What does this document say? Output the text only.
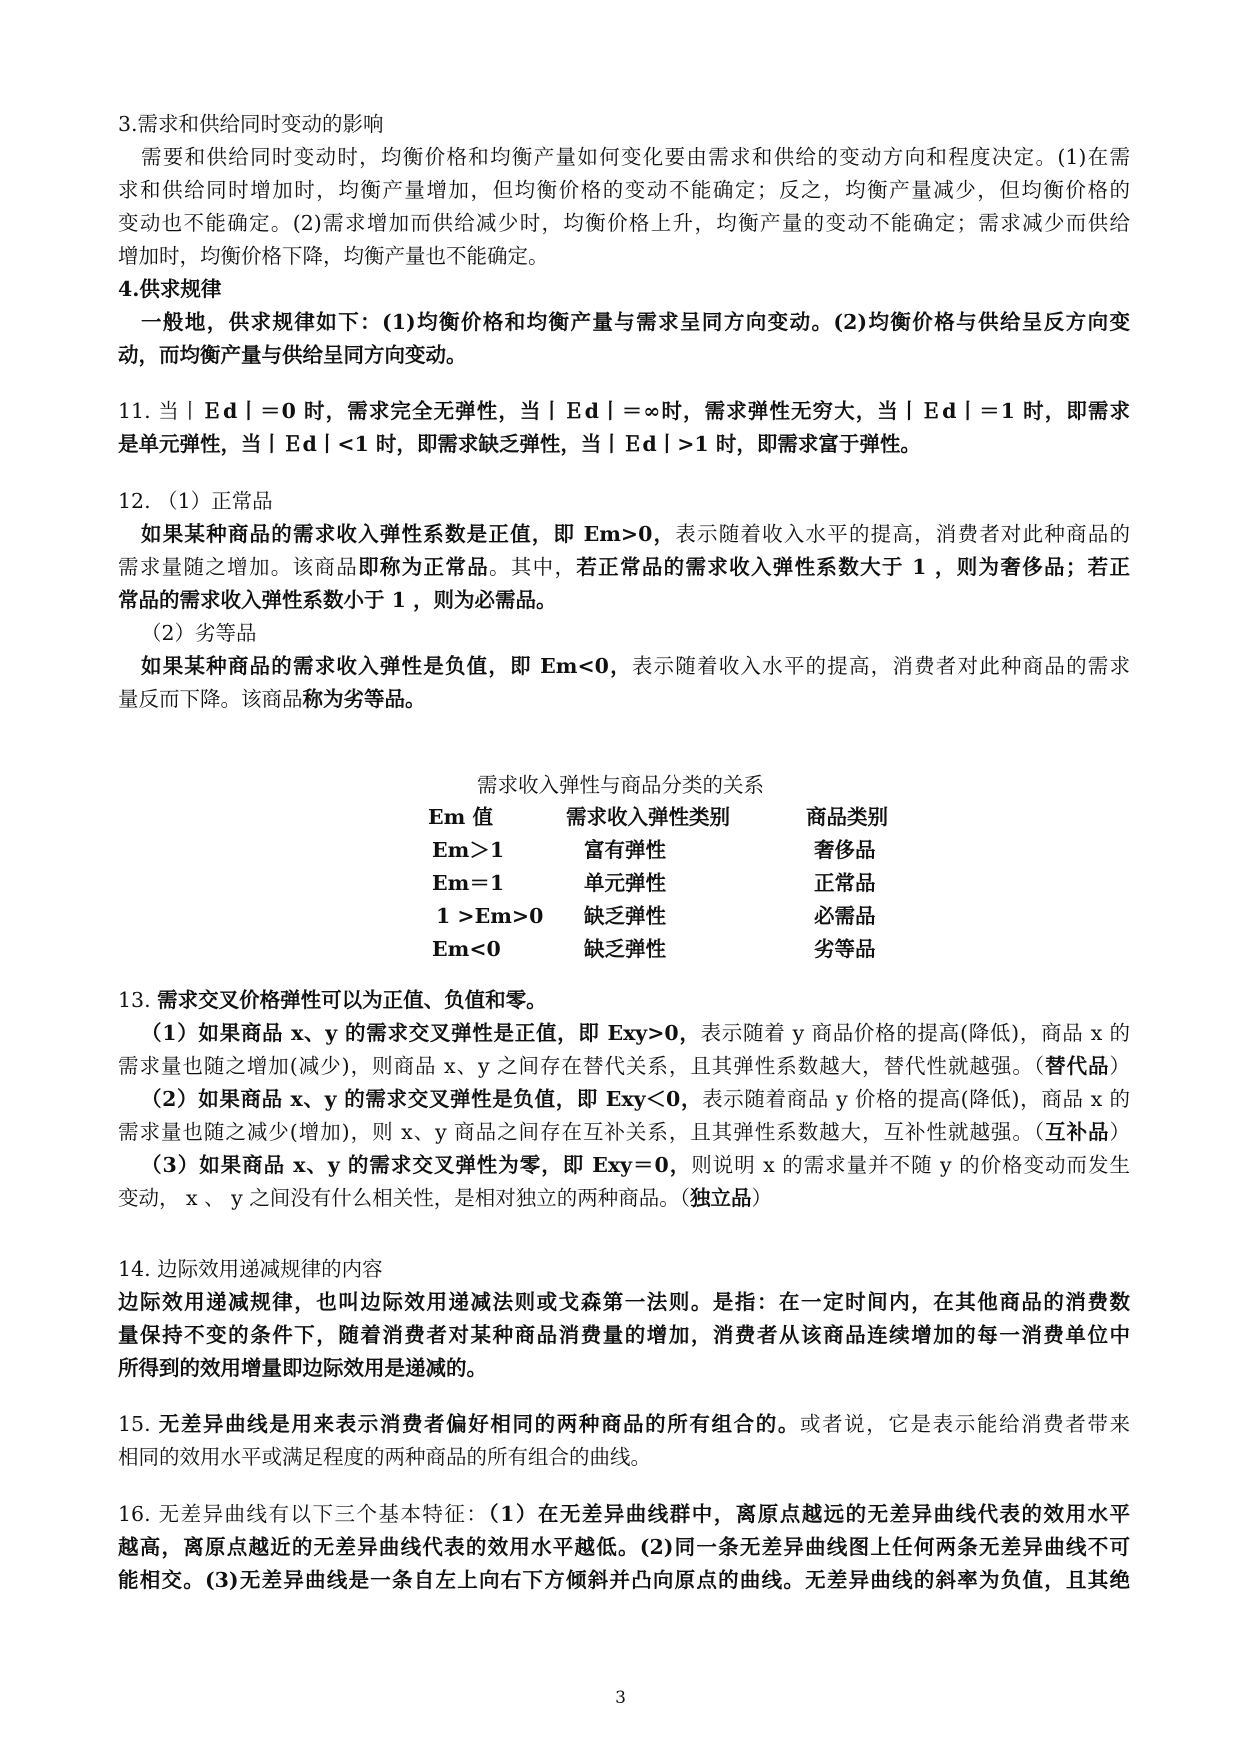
3.需求和供给同时变动的影响

需要和供给同时变动时，均衡价格和均衡产量如何变化要由需求和供给的变动方向和程度决定。(1)在需

求和供给同时增加时，均衡产量增加，但均衡价格的变动不能确定；反之，均衡产量减少，但均衡价格的

变动也不能确定。(2)需求增加而供给减少时，均衡价格上升，均衡产量的变动不能确定；需求减少而供给

增加时，均衡价格下降，均衡产量也不能确定。

4.供求规律

一般地，供求规律如下：(1)均衡价格和均衡产量与需求呈同方向变动。(2)均衡价格与供给呈反方向变

动，而均衡产量与供给呈同方向变动。

11. 当丨Ｅd丨＝0 时，需求完全无弹性，当丨Ｅd丨＝∞时，需求弹性无穷大，当丨Ｅd丨＝1 时，即需求

是单元弹性，当丨Ｅd丨<1 时，即需求缺乏弹性，当丨Ｅd丨>1 时，即需求富于弹性。

12. （1）正常品

如果某种商品的需求收入弹性系数是正值，即 Em>0，表示随着收入水平的提高，消费者对此种商品的

需求量随之增加。该商品即称为正常品。其中，若正常品的需求收入弹性系数大于 1 ，则为奢侈品；若正

常品的需求收入弹性系数小于 1 ，则为必需品。

（2）劣等品

如果某种商品的需求收入弹性是负值，即 Em<0，表示随着收入水平的提高，消费者对此种商品的需求

量反而下降。该商品称为劣等品。

需求收入弹性与商品分类的关系
Em 值	需求收入弹性类别	商品类别
Em＞1	富有弹性	奢侈品
Em＝1	单元弹性	正常品
1 >Em>0	缺乏弹性	必需品
Em<0	缺乏弹性	劣等品

13. 需求交叉价格弹性可以为正值、负值和零。

（1）如果商品 x、y 的需求交叉弹性是正值，即 Exy>0，表示随着 y 商品价格的提高(降低)，商品 x 的

需求量也随之增加(减少)，则商品 x、y 之间存在替代关系，且其弹性系数越大，替代性就越强。（替代品）

（2）如果商品 x、y 的需求交叉弹性是负值，即 Exy＜0，表示随着商品 y 价格的提高(降低)，商品 x 的

需求量也随之减少(增加)，则 x、y 商品之间存在互补关系，且其弹性系数越大，互补性就越强。（互补品）

（3）如果商品 x、y 的需求交叉弹性为零，即 Exy＝0，则说明 x 的需求量并不随 y 的价格变动而发生

变动， x 、 y 之间没有什么相关性，是相对独立的两种商品。（独立品）

14. 边际效用递减规律的内容

边际效用递减规律，也叫边际效用递减法则或戈森第一法则。是指：在一定时间内，在其他商品的消费数

量保持不变的条件下，随着消费者对某种商品消费量的增加，消费者从该商品连续增加的每一消费单位中

所得到的效用增量即边际效用是递减的。

15. 无差异曲线是用来表示消费者偏好相同的两种商品的所有组合的。或者说，它是表示能给消费者带来

相同的效用水平或满足程度的两种商品的所有组合的曲线。

16. 无差异曲线有以下三个基本特征：（1）在无差异曲线群中，离原点越远的无差异曲线代表的效用水平

越高，离原点越近的无差异曲线代表的效用水平越低。(2)同一条无差异曲线图上任何两条无差异曲线不可

能相交。(3)无差异曲线是一条自左上向右下方倾斜并凸向原点的曲线。无差异曲线的斜率为负值，且其绝

3
